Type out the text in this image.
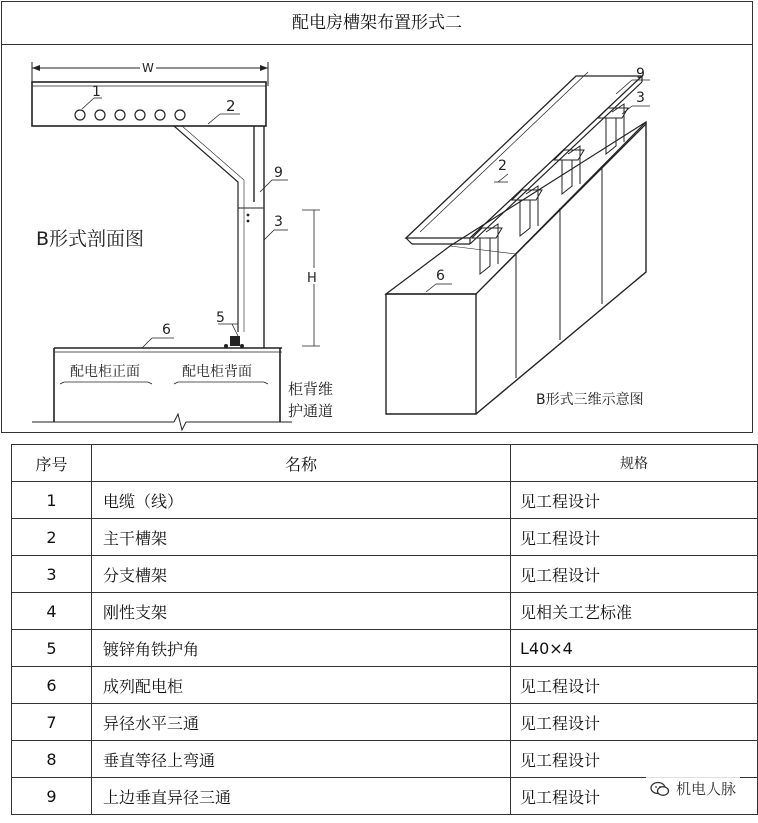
配电房槽架布置形式二
W
1
2
9
3
H
5
6
配电柜正面	配电柜背面
柜背维
护通道
B形式剖面图
9
3
2
6
B形式三维示意图
序号	名称	规格
1	电缆（线）	见工程设计
2	主干槽架	见工程设计
3	分支槽架	见工程设计
4	刚性支架	见相关工艺标准
5	镀锌角铁护角	L40×4
6	成列配电柜	见工程设计
7	异径水平三通	见工程设计
8	垂直等径上弯通	见工程设计
9	上边垂直异径三通	见工程设计	机电人脉
